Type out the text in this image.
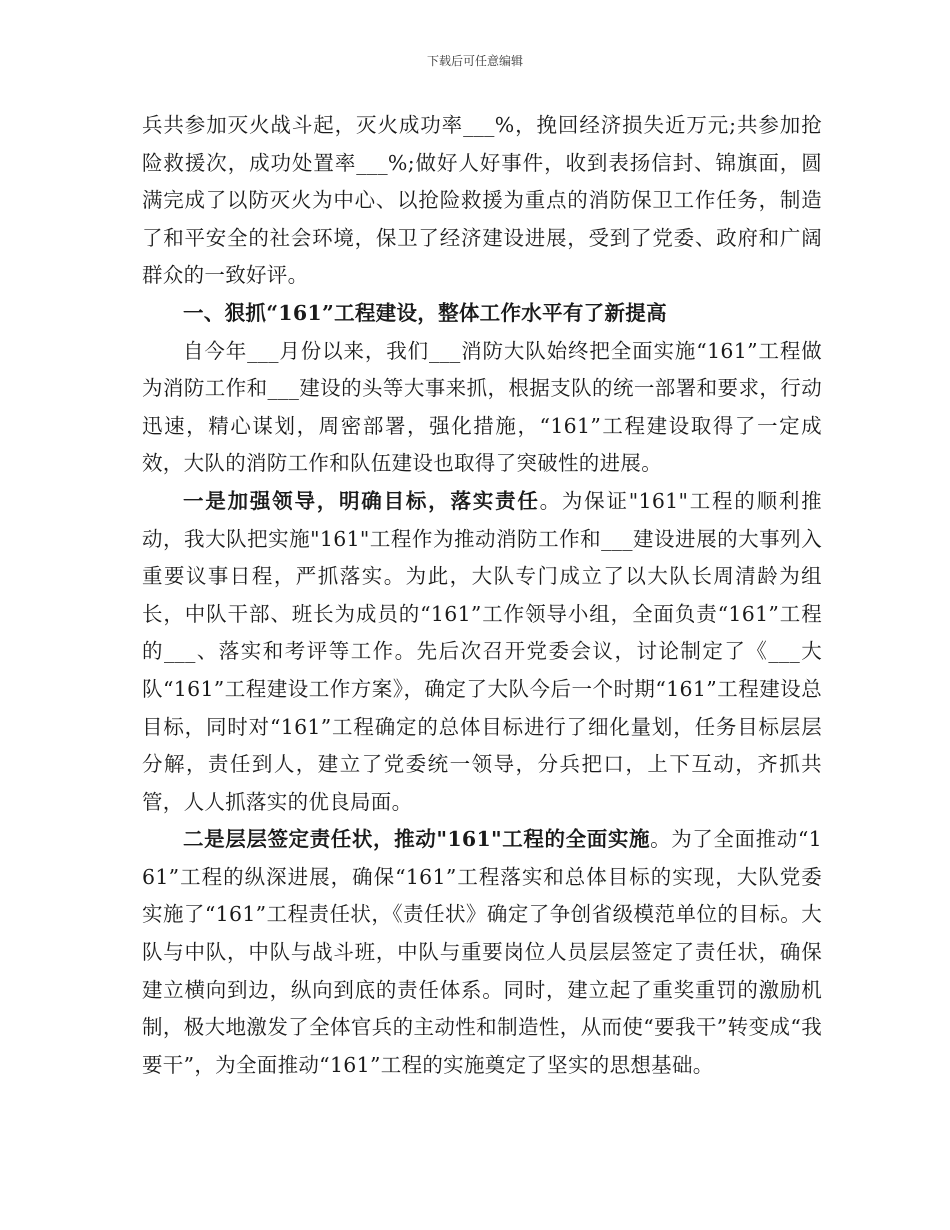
下载后可任意编辑

兵共参加灭火战斗起，灭火成功率___%，挽回经济损失近万元;共参加抢险救援次，成功处置率___%;做好人好事件，收到表扬信封、锦旗面，圆满完成了以防灭火为中心、以抢险救援为重点的消防保卫工作任务，制造了和平安全的社会环境，保卫了经济建设进展，受到了党委、政府和广阔群众的一致好评。

一、狠抓“161”工程建设，整体工作水平有了新提高

自今年___月份以来，我们___消防大队始终把全面实施“161”工程做为消防工作和___建设的头等大事来抓，根据支队的统一部署和要求，行动迅速，精心谋划，周密部署，强化措施，“161”工程建设取得了一定成效，大队的消防工作和队伍建设也取得了突破性的进展。

一是加强领导，明确目标，落实责任。为保证"161"工程的顺利推动，我大队把实施"161"工程作为推动消防工作和___建设进展的大事列入重要议事日程，严抓落实。为此，大队专门成立了以大队长周清龄为组长，中队干部、班长为成员的“161”工作领导小组，全面负责“161”工程的___、落实和考评等工作。先后次召开党委会议，讨论制定了《___大队“161”工程建设工作方案》，确定了大队今后一个时期“161”工程建设总目标，同时对“161”工程确定的总体目标进行了细化量划，任务目标层层分解，责任到人，建立了党委统一领导，分兵把口，上下互动，齐抓共管，人人抓落实的优良局面。

二是层层签定责任状，推动"161"工程的全面实施。为了全面推动“161”工程的纵深进展，确保“161”工程落实和总体目标的实现，大队党委实施了“161”工程责任状，《责任状》确定了争创省级模范单位的目标。大队与中队，中队与战斗班，中队与重要岗位人员层层签定了责任状，确保建立横向到边，纵向到底的责任体系。同时，建立起了重奖重罚的激励机制，极大地激发了全体官兵的主动性和制造性，从而使“要我干”转变成“我要干”，为全面推动“161”工程的实施奠定了坚实的思想基础。
